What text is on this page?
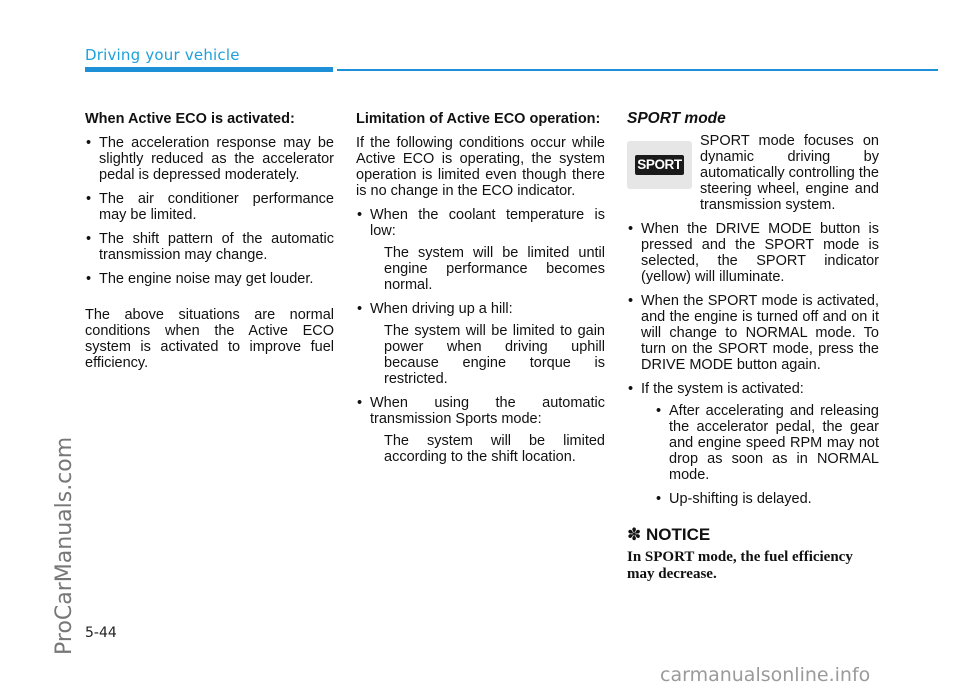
Driving your vehicle
ProCarManuals.com
When Active ECO is activated:
• The acceleration response may be slightly reduced as the accelerator pedal is depressed moderately.
• The air conditioner performance may be limited.
• The shift pattern of the automatic transmission may change.
• The engine noise may get louder.

The above situations are normal conditions when the Active ECO system is activated to improve fuel efficiency.

Limitation of Active ECO operation:

If the following conditions occur while Active ECO is operating, the system operation is limited even though there is no change in the ECO indicator.

• When the coolant temperature is low:
The system will be limited until engine performance becomes normal.
• When driving up a hill:
The system will be limited to gain power when driving uphill because engine torque is restricted.
• When using the automatic transmission Sports mode:
The system will be limited according to the shift location.
SPORT mode
SPORT
SPORT mode focuses on dynamic driving by automatically controlling the steering wheel, engine and transmission system.
• When the DRIVE MODE button is pressed and the SPORT mode is selected, the SPORT indicator (yellow) will illuminate.
• When the SPORT mode is activated, and the engine is turned off and on it will change to NORMAL mode. To turn on the SPORT mode, press the DRIVE MODE button again.
• If the system is activated:
• After accelerating and releasing the accelerator pedal, the gear and engine speed RPM may not drop as soon as in NORMAL mode.
• Up-shifting is delayed.
✽ NOTICE
In SPORT mode, the fuel efficiency may decrease.
5-44
carmanualsonline.info
